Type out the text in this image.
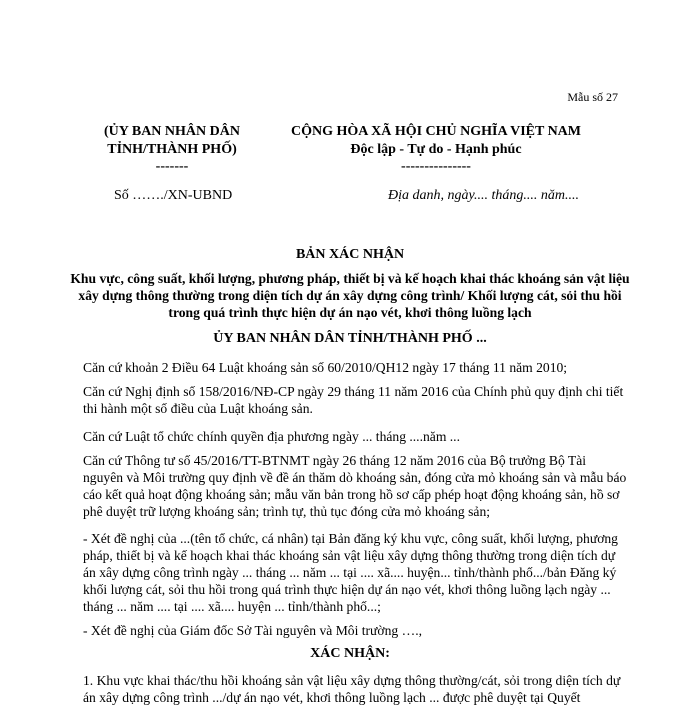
Mẫu số 27
(ỦY BAN NHÂN DÂN
TỈNH/THÀNH PHỐ)
-------
CỘNG HÒA XÃ HỘI CHỦ NGHĨA VIỆT NAM
Độc lập - Tự do - Hạnh phúc
---------------
Số ……./XN-UBND	Địa danh, ngày.... tháng.... năm....
BẢN XÁC NHẬN
Khu vực, công suất, khối lượng, phương pháp, thiết bị và kế hoạch khai thác khoáng sản vật liệu xây dựng thông thường trong diện tích dự án xây dựng công trình/ Khối lượng cát, sỏi thu hồi trong quá trình thực hiện dự án nạo vét, khơi thông luồng lạch
ỦY BAN NHÂN DÂN TỈNH/THÀNH PHỐ ...
Căn cứ khoản 2 Điều 64 Luật khoáng sản số 60/2010/QH12 ngày 17 tháng 11 năm 2010;
Căn cứ Nghị định số 158/2016/NĐ-CP ngày 29 tháng 11 năm 2016 của Chính phủ quy định chi tiết thi hành một số điều của Luật khoáng sản.
Căn cứ Luật tổ chức chính quyền địa phương ngày ... tháng ....năm ...
Căn cứ Thông tư số 45/2016/TT-BTNMT ngày 26 tháng 12 năm 2016 của Bộ trưởng Bộ Tài nguyên và Môi trường quy định về đề án thăm dò khoáng sản, đóng cửa mỏ khoáng sản và mẫu báo cáo kết quả hoạt động khoáng sản; mẫu văn bản trong hồ sơ cấp phép hoạt động khoáng sản, hồ sơ phê duyệt trữ lượng khoáng sản; trình tự, thủ tục đóng cửa mỏ khoáng sản;
- Xét đề nghị của ...(tên tổ chức, cá nhân) tại Bản đăng ký khu vực, công suất, khối lượng, phương pháp, thiết bị và kế hoạch khai thác khoáng sản vật liệu xây dựng thông thường trong diện tích dự án xây dựng công trình ngày ... tháng ... năm ... tại .... xã.... huyện... tỉnh/thành phố.../bản Đăng ký khối lượng cát, sỏi thu hồi trong quá trình thực hiện dự án nạo vét, khơi thông luồng lạch ngày ... tháng ... năm .... tại .... xã.... huyện ... tỉnh/thành phố...;
- Xét đề nghị của Giám đốc Sở Tài nguyên và Môi trường ….,
XÁC NHẬN:
1. Khu vực khai thác/thu hồi khoáng sản vật liệu xây dựng thông thường/cát, sỏi trong diện tích dự án xây dựng công trình .../dự án nạo vét, khơi thông luồng lạch ... được phê duyệt tại Quyết
